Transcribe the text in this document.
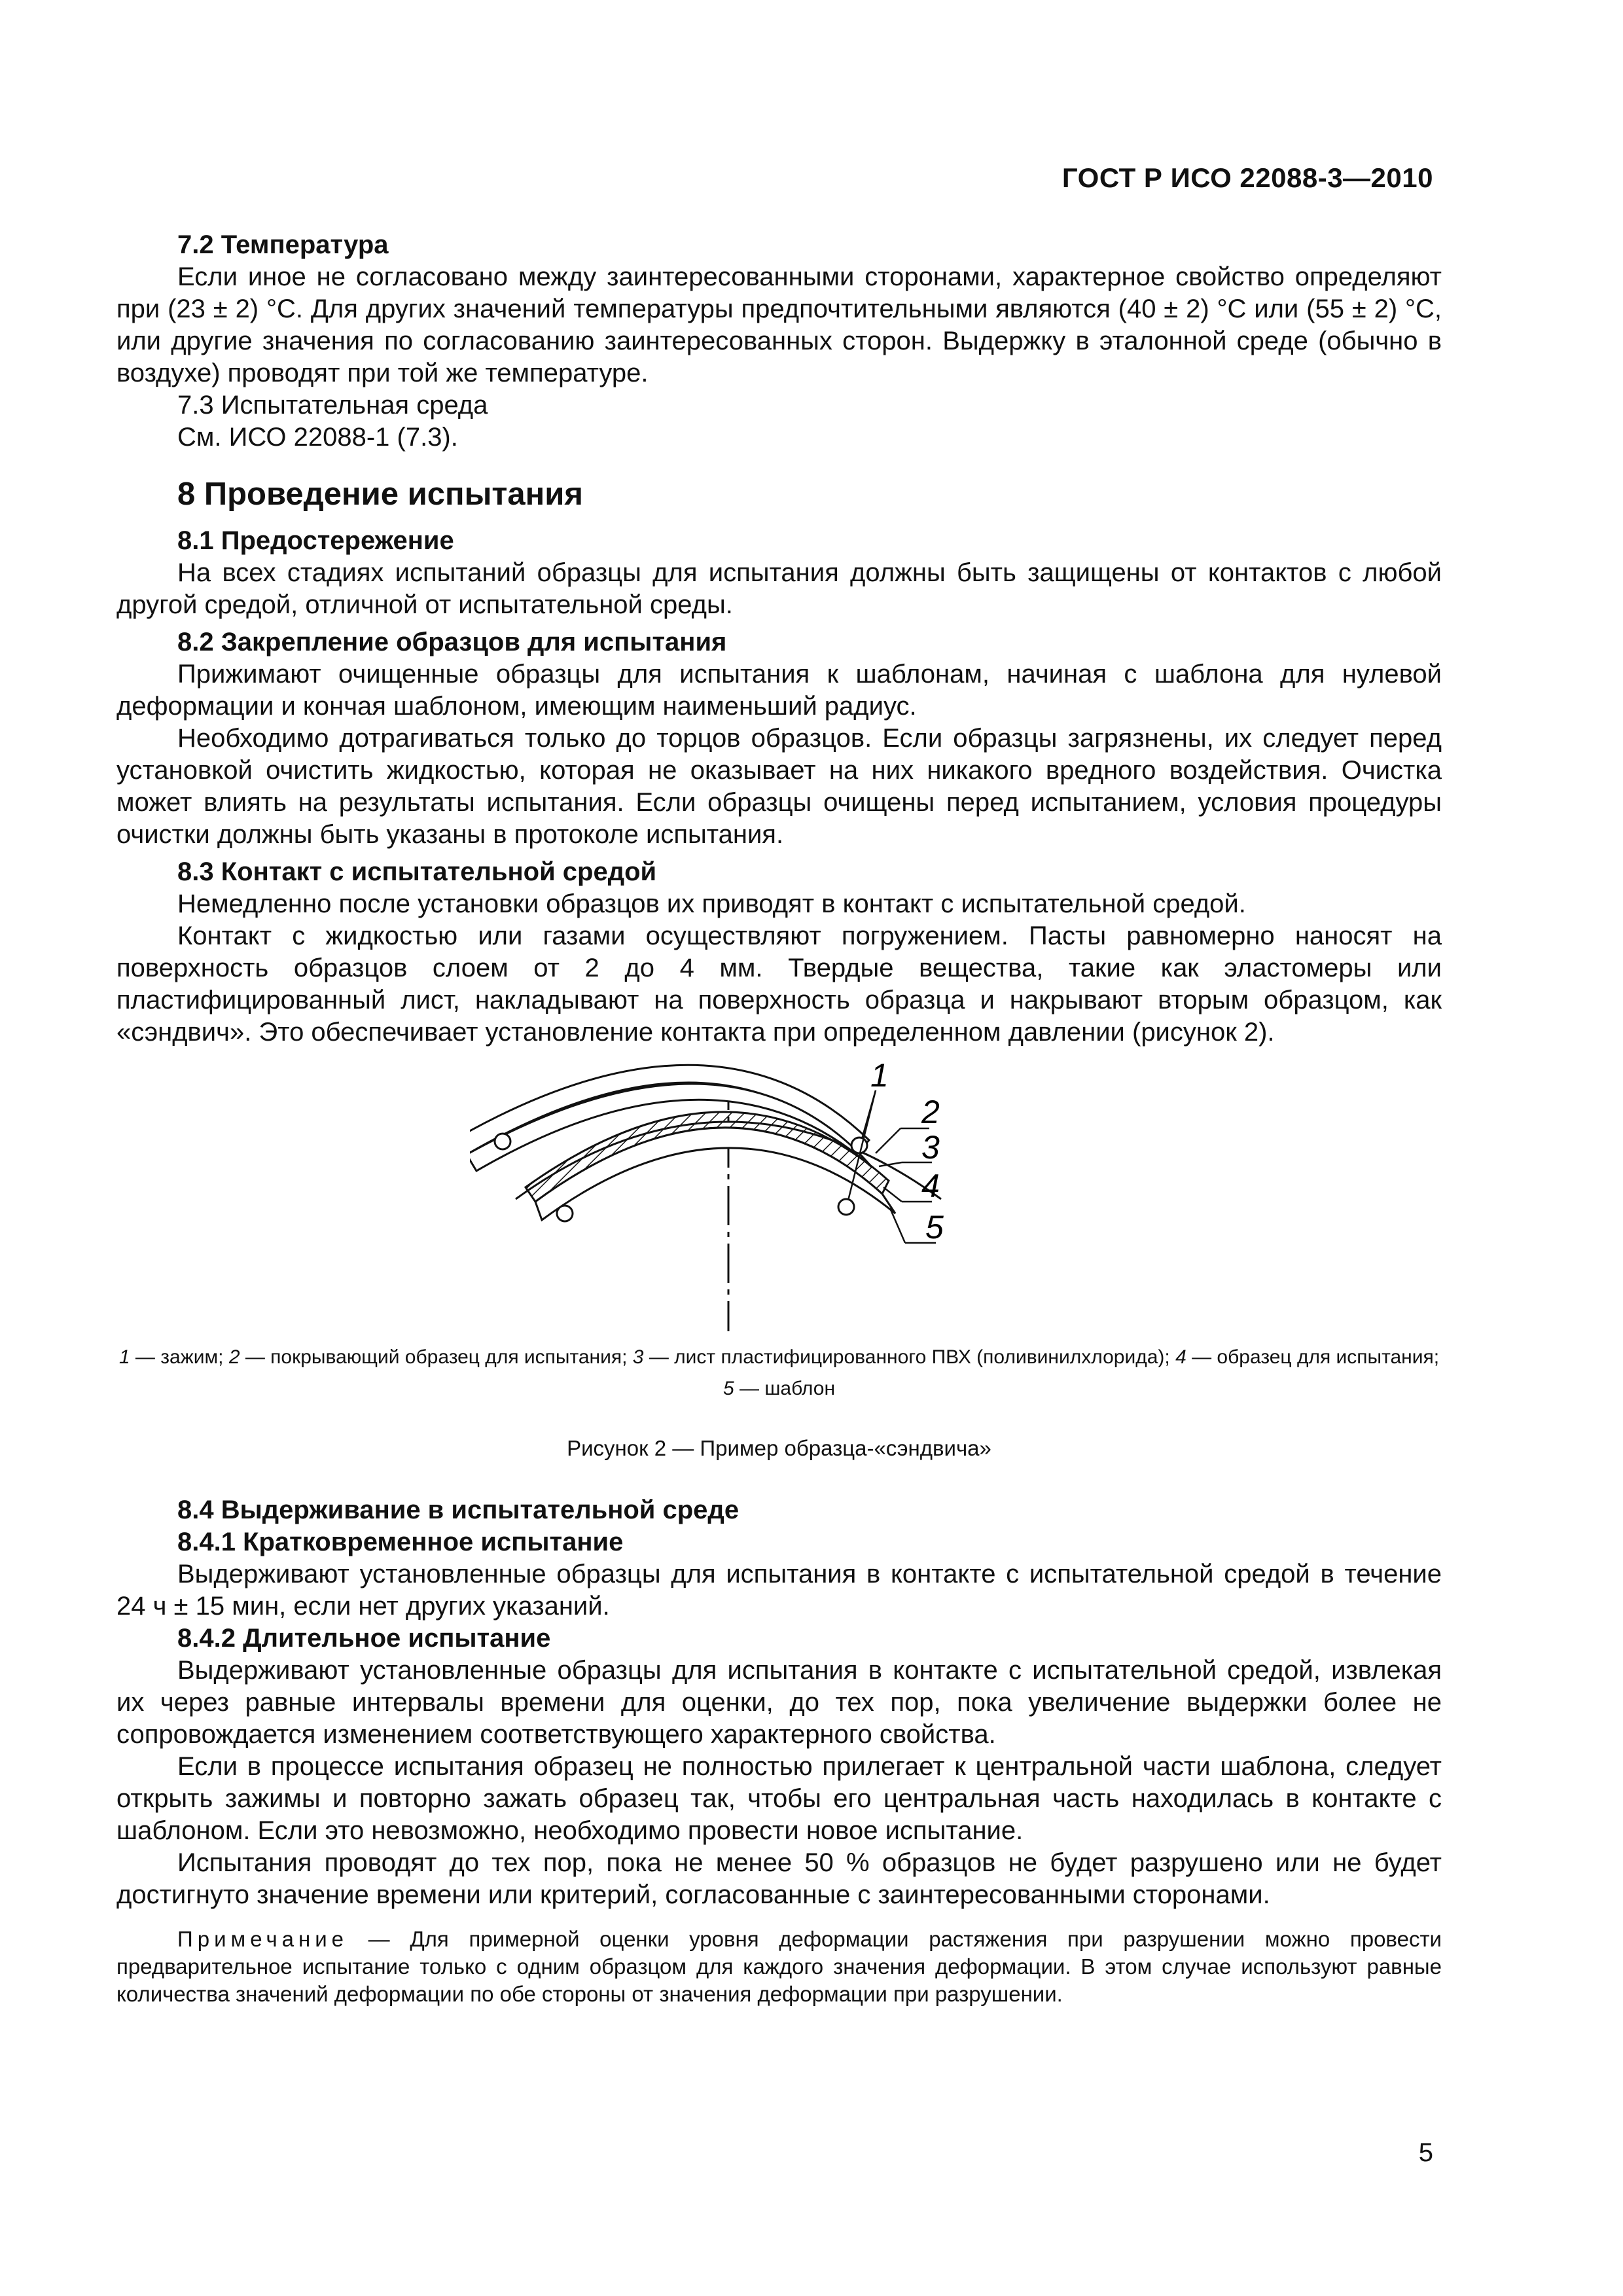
ГОСТ Р ИСО 22088-3—2010
7.2 Температура

Если иное не согласовано между заинтересованными сторонами, характерное свойство определяют при (23 ± 2) °С. Для других значений температуры предпочтительными являются (40 ± 2) °С или (55 ± 2) °С, или другие значения по согласованию заинтересованных сторон. Выдержку в эталонной среде (обычно в воздухе) проводят при той же температуре.

7.3 Испытательная среда
См. ИСО 22088-1 (7.3).
8 Проведение испытания
8.1 Предостережение

На всех стадиях испытаний образцы для испытания должны быть защищены от контактов с любой другой средой, отличной от испытательной среды.

8.2 Закрепление образцов для испытания

Прижимают очищенные образцы для испытания к шаблонам, начиная с шаблона для нулевой деформации и кончая шаблоном, имеющим наименьший радиус.

Необходимо дотрагиваться только до торцов образцов. Если образцы загрязнены, их следует перед установкой очистить жидкостью, которая не оказывает на них никакого вредного воздействия. Очистка может влиять на результаты испытания. Если образцы очищены перед испытанием, условия процедуры очистки должны быть указаны в протоколе испытания.

8.3 Контакт с испытательной средой

Немедленно после установки образцов их приводят в контакт с испытательной средой.

Контакт с жидкостью или газами осуществляют погружением. Пасты равномерно наносят на поверхность образцов слоем от 2 до 4 мм. Твердые вещества, такие как эластомеры или пластифицированный лист, накладывают на поверхность образца и накрывают вторым образцом, как «сэндвич». Это обеспечивает установление контакта при определенном давлении (рисунок 2).

1
2
3
4
5
1 — зажим; 2 — покрывающий образец для испытания; 3 — лист пластифицированного ПВХ (поливинилхлорида); 4 — образец для испытания; 5 — шаблон
Рисунок 2 — Пример образца-«сэндвича»
8.4 Выдерживание в испытательной среде
8.4.1 Кратковременное испытание

Выдерживают установленные образцы для испытания в контакте с испытательной средой в течение 24 ч ± 15 мин, если нет других указаний.

8.4.2 Длительное испытание

Выдерживают установленные образцы для испытания в контакте с испытательной средой, извлекая их через равные интервалы времени для оценки, до тех пор, пока увеличение выдержки более не сопровождается изменением соответствующего характерного свойства.

Если в процессе испытания образец не полностью прилегает к центральной части шаблона, следует открыть зажимы и повторно зажать образец так, чтобы его центральная часть находилась в контакте с шаблоном. Если это невозможно, необходимо провести новое испытание.

Испытания проводят до тех пор, пока не менее 50 % образцов не будет разрушено или не будет достигнуто значение времени или критерий, согласованные с заинтересованными сторонами.

Примечание — Для примерной оценки уровня деформации растяжения при разрушении можно провести предварительное испытание только с одним образцом для каждого значения деформации. В этом случае используют равные количества значений деформации по обе стороны от значения деформации при разрушении.
5
